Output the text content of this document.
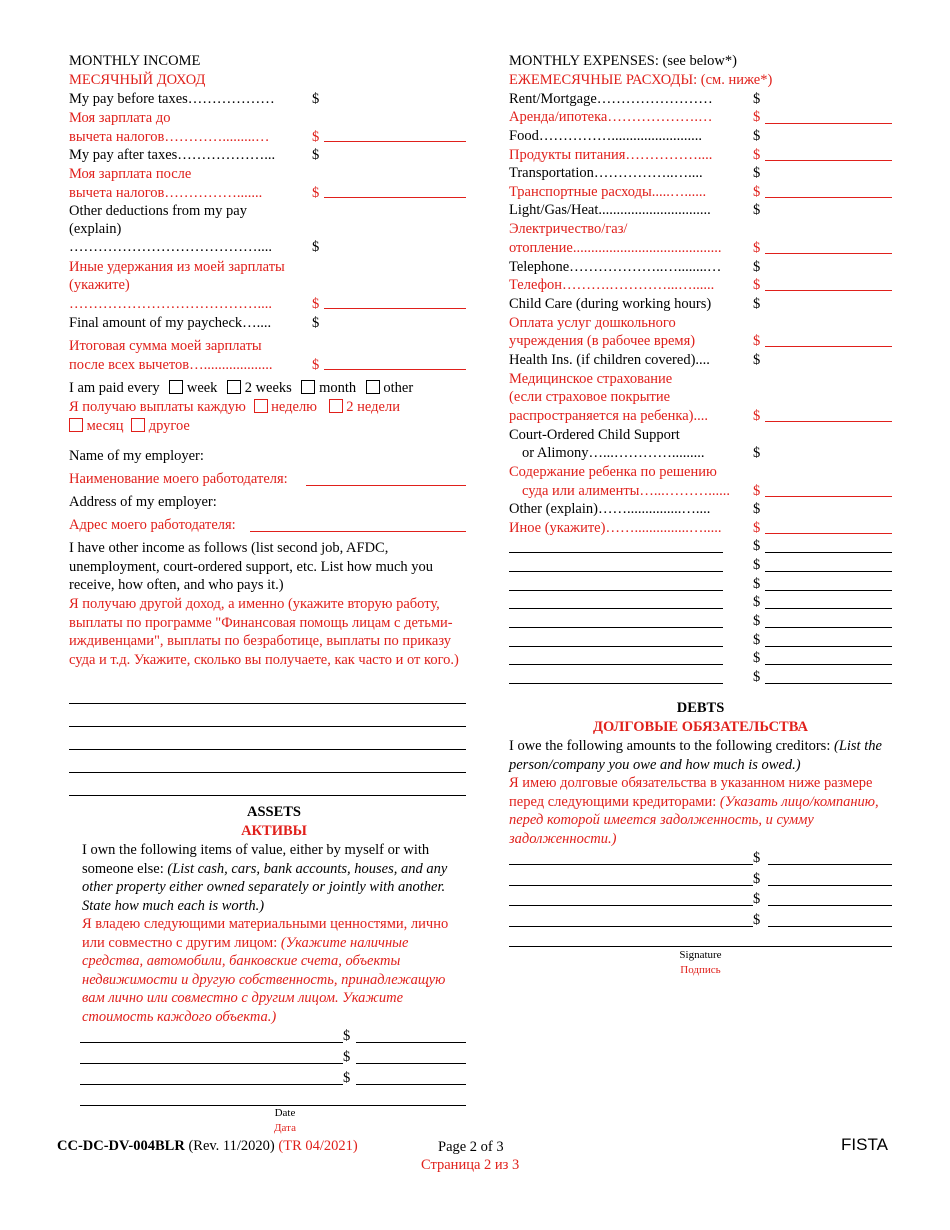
MONTHLY INCOME
МЕСЯЧНЫЙ ДОХОД
My pay before taxes………………	$
Моя зарплата до
вычета налогов………….........…	$
My pay after taxes………………...	$
Моя зарплата после
вычета налогов…………….......	$
Other deductions from my pay
(explain)
…………………………………....	$
Иные удержания из моей зарплаты
(укажите)
…………………………………....	$
Final amount of my paycheck…....	$
Итоговая сумма моей зарплаты
после всех вычетов…...................	$
I am paid every week 2 weeks month other
Я получаю выплаты каждую неделю 2 недели
месяц другое
Name of my employer:
Наименование моего работодателя:
Address of my employer:
Адрес моего работодателя:
I have other income as follows (list second job, AFDC, unemployment, court-ordered support, etc. List how much you receive, how often, and who pays it.)
Я получаю другой доход, а именно (укажите вторую работу, выплаты по программе "Финансовая помощь лицам с детьми-иждивенцами", выплаты по безработице, выплаты по приказу суда и т.д. Укажите, сколько вы получаете, как часто и от кого.)
ASSETS
АКТИВЫ
I own the following items of value, either by myself or with someone else: (List cash, cars, bank accounts, houses, and any other property either owned separately or jointly with another. State how much each is worth.)
Я владею следующими материальными ценностями, лично или совместно с другим лицом: (Укажите наличные средства, автомобили, банковские счета, объекты недвижимости и другую собственность, принадлежащую вам лично или совместно с другим лицом. Укажите стоимость каждого объекта.)
$
$
$
Date
Дата
MONTHLY EXPENSES: (see below*)
ЕЖЕМЕСЯЧНЫЕ РАСХОДЫ: (см. ниже*)
Rent/Mortgage……………………	$
Аренда/ипотека……………….…	$
Food…………….........................	$
Продукты питания……………....	$
Transportation……………..…....	$
Транспортные расходы.....…......	$
Light/Gas/Heat...............................	$
Электричество/газ/
отопление......................................... $
Telephone………………..…........… $
Телефон……….…………...…......	$
Child Care (during working hours)	$
Оплата услуг дошкольного
учреждения (в рабочее время)	$
Health Ins. (if children covered)....	$
Медицинское страхование
(если страховое покрытие
распространяется на ребенка)....	$
Court-Ordered Child Support
or Alimony…...………….........	$
Содержание ребенка по решению
суда или алименты…...………...... $
Other (explain)……...............…....	$
Иное (укажите)……...............…..... $
$
$
$
$
$
$
$
$
DEBTS
ДОЛГОВЫЕ ОБЯЗАТЕЛЬСТВА
I owe the following amounts to the following creditors: (List the person/company you owe and how much is owed.)
Я имею долговые обязательства в указанном ниже размере перед следующими кредиторами: (Указать лицо/компанию, перед которой имеется задолженность, и сумму задолженности.)
$
$
$
$
Signature
Подпись
CC-DC-DV-004BLR (Rev. 11/2020) (TR 04/2021)	Page 2 of 3
Страница 2 из 3
FISTA
